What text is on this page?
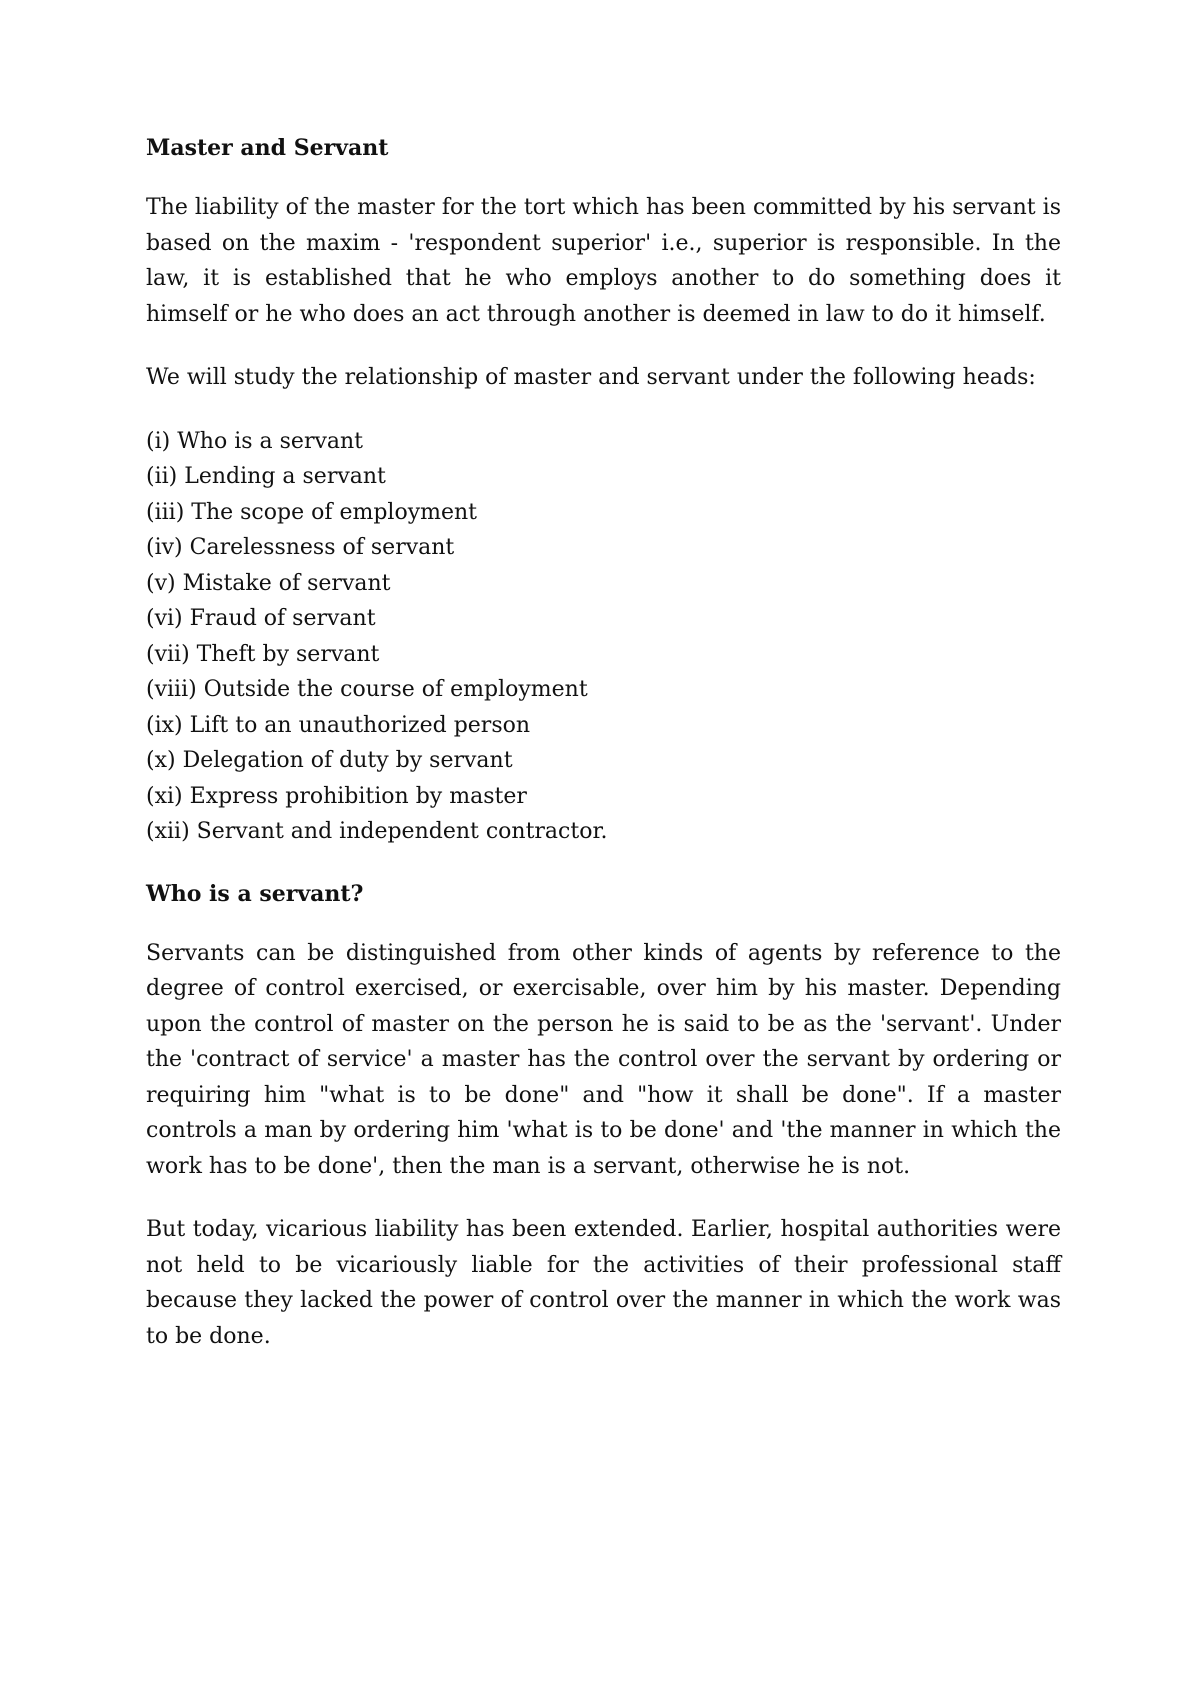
Master and Servant

The liability of the master for the tort which has been committed by his servant is based on the maxim - 'respondent superior' i.e., superior is responsible. In the law, it is established that he who employs another to do something does it himself or he who does an act through another is deemed in law to do it himself.

We will study the relationship of master and servant under the following heads:

(i) Who is a servant
(ii) Lending a servant
(iii) The scope of employment
(iv) Carelessness of servant
(v) Mistake of servant
(vi) Fraud of servant
(vii) Theft by servant
(viii) Outside the course of employment
(ix) Lift to an unauthorized person
(x) Delegation of duty by servant
(xi) Express prohibition by master
(xii) Servant and independent contractor.
Who is a servant?

Servants can be distinguished from other kinds of agents by reference to the degree of control exercised, or exercisable, over him by his master. Depending upon the control of master on the person he is said to be as the 'servant'. Under the 'contract of service' a master has the control over the servant by ordering or requiring him "what is to be done" and "how it shall be done". If a master controls a man by ordering him 'what is to be done' and 'the manner in which the work has to be done', then the man is a servant, otherwise he is not.

But today, vicarious liability has been extended. Earlier, hospital authorities were not held to be vicariously liable for the activities of their professional staff because they lacked the power of control over the manner in which the work was to be done.
